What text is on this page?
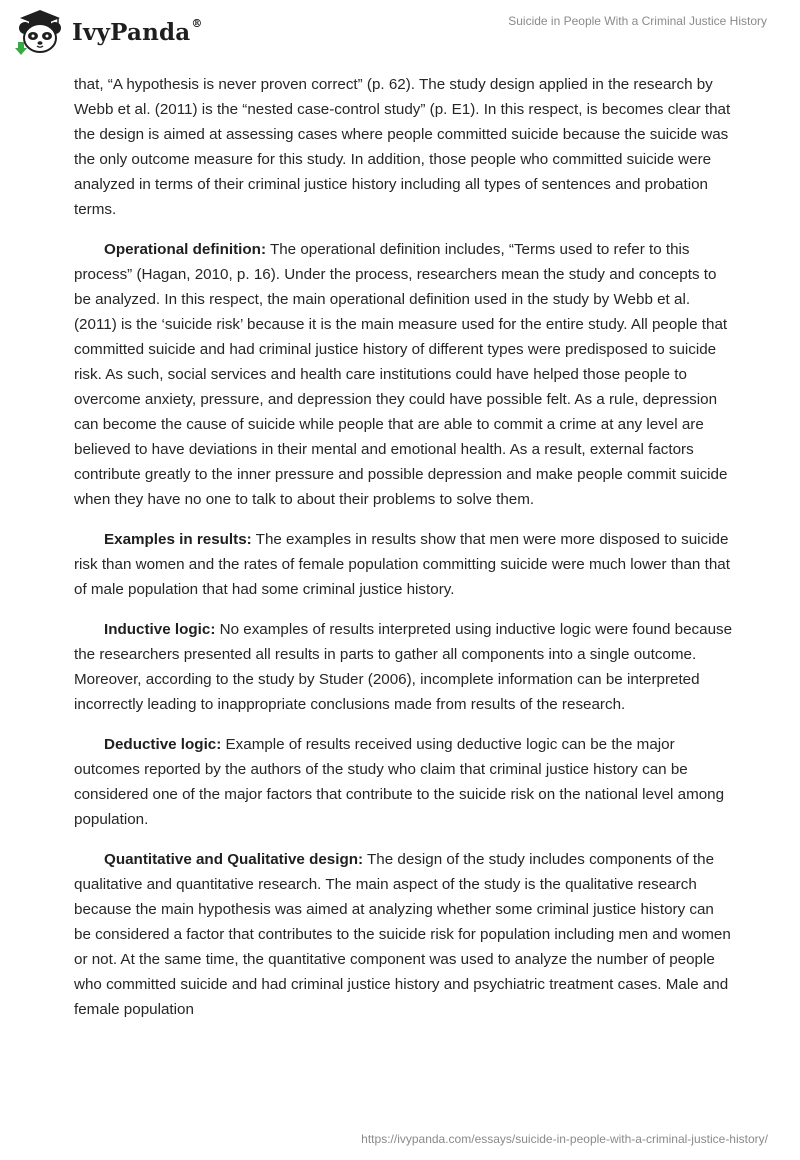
IvyPanda®	Suicide in People With a Criminal Justice History

that, “A hypothesis is never proven correct” (p. 62). The study design applied in the research by Webb et al. (2011) is the “nested case-control study” (p. E1). In this respect, is becomes clear that the design is aimed at assessing cases where people committed suicide because the suicide was the only outcome measure for this study. In addition, those people who committed suicide were analyzed in terms of their criminal justice history including all types of sentences and probation terms.

Operational definition: The operational definition includes, “Terms used to refer to this process” (Hagan, 2010, p. 16). Under the process, researchers mean the study and concepts to be analyzed. In this respect, the main operational definition used in the study by Webb et al. (2011) is the ‘suicide risk’ because it is the main measure used for the entire study. All people that committed suicide and had criminal justice history of different types were predisposed to suicide risk. As such, social services and health care institutions could have helped those people to overcome anxiety, pressure, and depression they could have possible felt. As a rule, depression can become the cause of suicide while people that are able to commit a crime at any level are believed to have deviations in their mental and emotional health. As a result, external factors contribute greatly to the inner pressure and possible depression and make people commit suicide when they have no one to talk to about their problems to solve them.

Examples in results: The examples in results show that men were more disposed to suicide risk than women and the rates of female population committing suicide were much lower than that of male population that had some criminal justice history.

Inductive logic: No examples of results interpreted using inductive logic were found because the researchers presented all results in parts to gather all components into a single outcome. Moreover, according to the study by Studer (2006), incomplete information can be interpreted incorrectly leading to inappropriate conclusions made from results of the research.

Deductive logic: Example of results received using deductive logic can be the major outcomes reported by the authors of the study who claim that criminal justice history can be considered one of the major factors that contribute to the suicide risk on the national level among population.

Quantitative and Qualitative design: The design of the study includes components of the qualitative and quantitative research. The main aspect of the study is the qualitative research because the main hypothesis was aimed at analyzing whether some criminal justice history can be considered a factor that contributes to the suicide risk for population including men and women or not. At the same time, the quantitative component was used to analyze the number of people who committed suicide and had criminal justice history and psychiatric treatment cases. Male and female population

https://ivypanda.com/essays/suicide-in-people-with-a-criminal-justice-history/
